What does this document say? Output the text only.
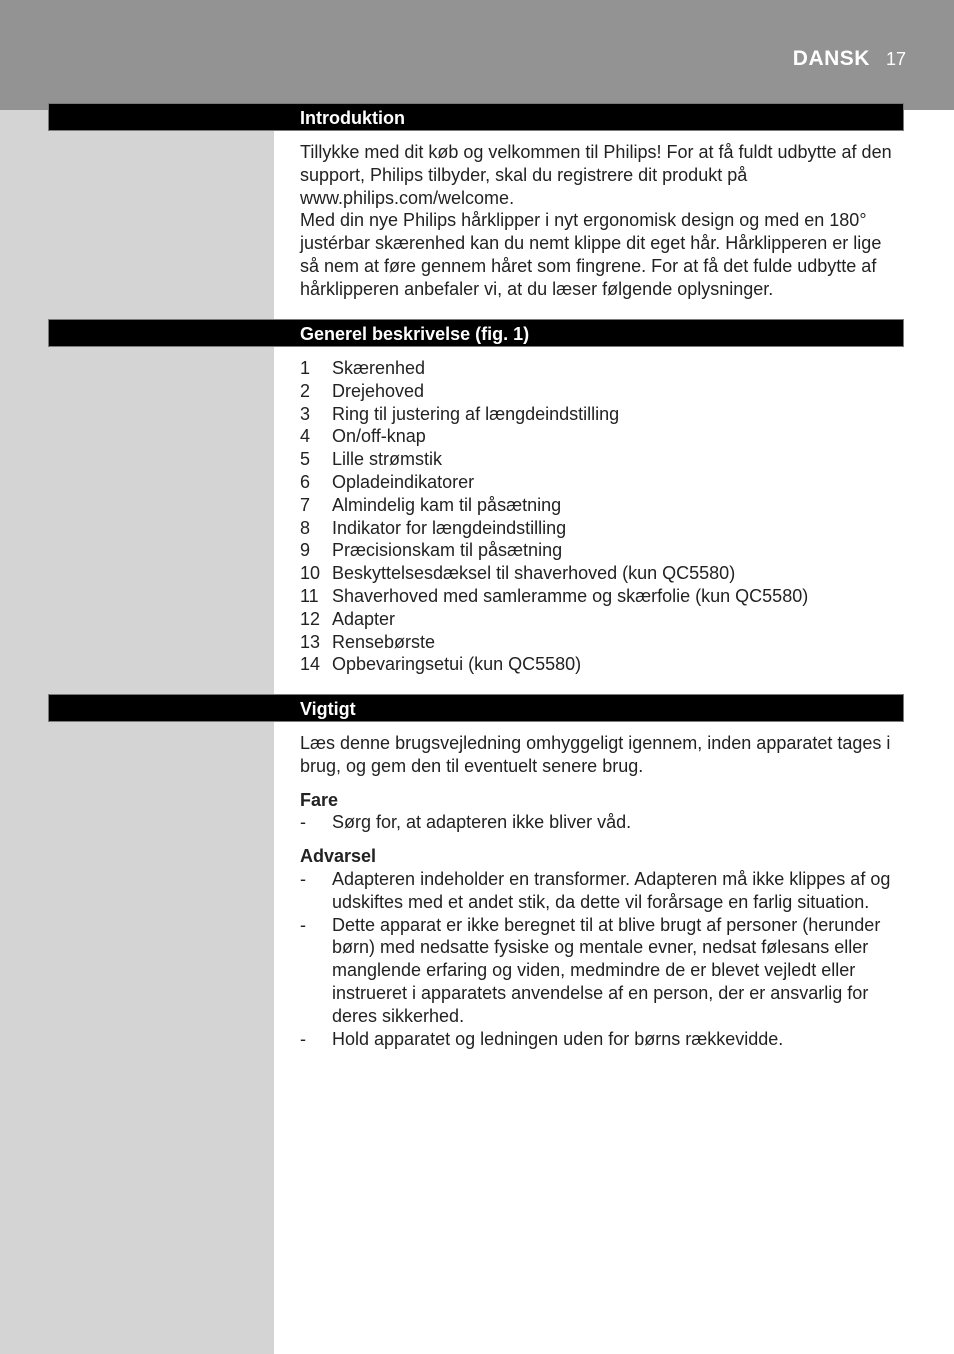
DANSK 17
Introduktion

Tillykke med dit køb og velkommen til Philips! For at få fuldt udbytte af den support, Philips tilbyder, skal du registrere dit produkt på www.philips.com/welcome.

Med din nye Philips hårklipper i nyt ergonomisk design og med en 180° justérbar skærenhed kan du nemt klippe dit eget hår. Hårklipperen er lige så nem at føre gennem håret som fingrene. For at få det fulde udbytte af hårklipperen anbefaler vi, at du læser følgende oplysninger.

Generel beskrivelse (fig. 1)
1	Skærenhed
2	Drejehoved
3	Ring til justering af længdeindstilling
4	On/off-knap
5	Lille strømstik
6	Opladeindikatorer
7	Almindelig kam til påsætning
8	Indikator for længdeindstilling
9	Præcisionskam til påsætning
10 Beskyttelsesdæksel til shaverhoved (kun QC5580)
11 Shaverhoved med samleramme og skærfolie (kun QC5580)
12 Adapter
13 Rensebørste
14 Opbevaringsetui (kun QC5580)
Vigtigt

Læs denne brugsvejledning omhyggeligt igennem, inden apparatet tages i brug, og gem den til eventuelt senere brug.

Fare

-	Sørg for, at adapteren ikke bliver våd.

Advarsel

-	Adapteren indeholder en transformer. Adapteren må ikke klippes af og udskiftes med et andet stik, da dette vil forårsage en farlig situation.
-	Dette apparat er ikke beregnet til at blive brugt af personer (herunder børn) med nedsatte fysiske og mentale evner, nedsat følesans eller manglende erfaring og viden, medmindre de er blevet vejledt eller instrueret i apparatets anvendelse af en person, der er ansvarlig for deres sikkerhed.
-	Hold apparatet og ledningen uden for børns rækkevidde.
